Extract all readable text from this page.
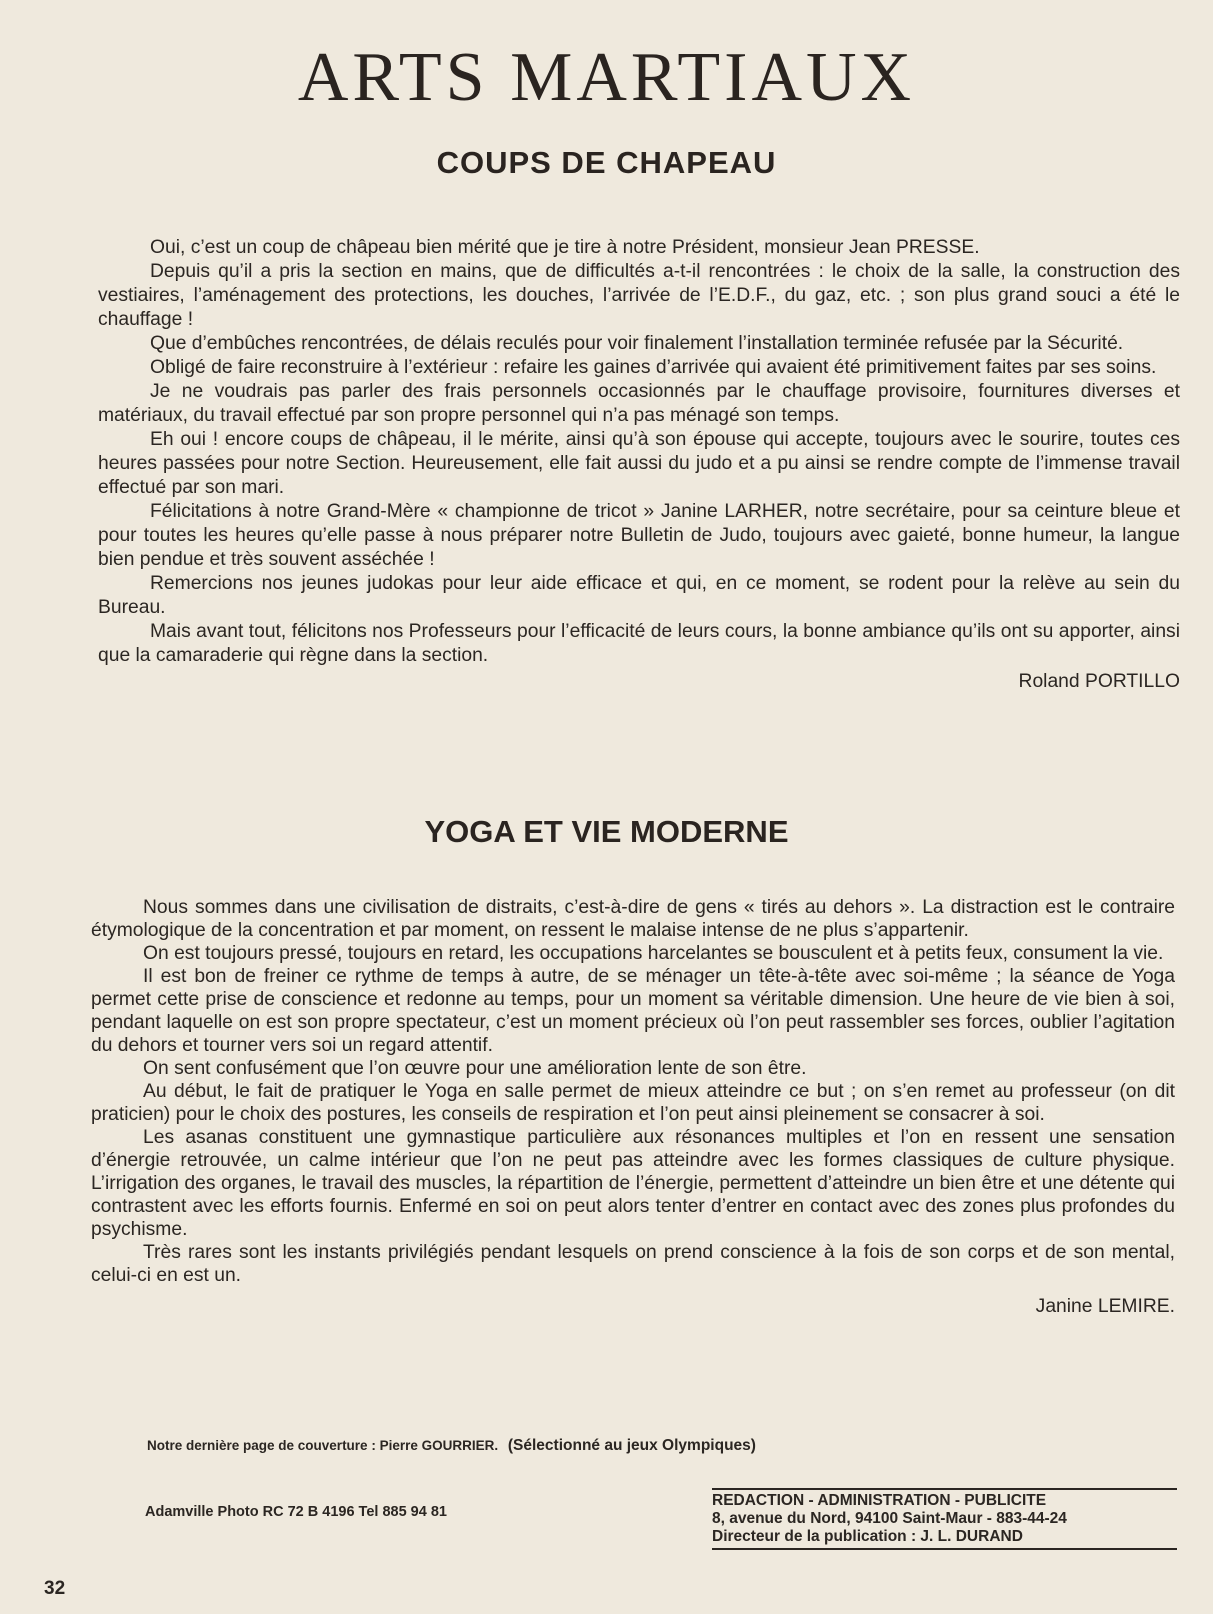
ARTS MARTIAUX
COUPS DE CHAPEAU

Oui, c’est un coup de châpeau bien mérité que je tire à notre Président, monsieur Jean PRESSE.

Depuis qu’il a pris la section en mains, que de difficultés a-t-il rencontrées : le choix de la salle, la construction des vestiaires, l’aménagement des protections, les douches, l’arrivée de l’E.D.F., du gaz, etc. ; son plus grand souci a été le chauffage !

Que d’embûches rencontrées, de délais reculés pour voir finalement l’installation terminée refusée par la Sécurité.

Obligé de faire reconstruire à l’extérieur : refaire les gaines d’arrivée qui avaient été primitivement faites par ses soins.

Je ne voudrais pas parler des frais personnels occasionnés par le chauffage provisoire, fournitures diverses et matériaux, du travail effectué par son propre personnel qui n’a pas ménagé son temps.

Eh oui ! encore coups de châpeau, il le mérite, ainsi qu’à son épouse qui accepte, toujours avec le sourire, toutes ces heures passées pour notre Section. Heureusement, elle fait aussi du judo et a pu ainsi se rendre compte de l’immense travail effectué par son mari.

Félicitations à notre Grand-Mère « championne de tricot » Janine LARHER, notre secrétaire, pour sa ceinture bleue et pour toutes les heures qu’elle passe à nous préparer notre Bulletin de Judo, toujours avec gaieté, bonne humeur, la langue bien pendue et très souvent asséchée !

Remercions nos jeunes judokas pour leur aide efficace et qui, en ce moment, se rodent pour la relève au sein du Bureau.

Mais avant tout, félicitons nos Professeurs pour l’efficacité de leurs cours, la bonne ambiance qu’ils ont su apporter, ainsi que la camaraderie qui règne dans la section.

Roland PORTILLO
YOGA ET VIE MODERNE

Nous sommes dans une civilisation de distraits, c’est-à-dire de gens « tirés au dehors ». La distraction est le contraire étymologique de la concentration et par moment, on ressent le malaise intense de ne plus s’appartenir.

On est toujours pressé, toujours en retard, les occupations harcelantes se bousculent et à petits feux, consument la vie.

Il est bon de freiner ce rythme de temps à autre, de se ménager un tête-à-tête avec soi-même ; la séance de Yoga permet cette prise de conscience et redonne au temps, pour un moment sa véritable dimension. Une heure de vie bien à soi, pendant laquelle on est son propre spectateur, c’est un moment précieux où l’on peut rassembler ses forces, oublier l’agitation du dehors et tourner vers soi un regard attentif.

On sent confusément que l’on œuvre pour une amélioration lente de son être.

Au début, le fait de pratiquer le Yoga en salle permet de mieux atteindre ce but ; on s’en remet au professeur (on dit praticien) pour le choix des postures, les conseils de respiration et l’on peut ainsi pleinement se consacrer à soi.

Les asanas constituent une gymnastique particulière aux résonances multiples et l’on en ressent une sensation d’énergie retrouvée, un calme intérieur que l’on ne peut pas atteindre avec les formes classiques de culture physique. L’irrigation des organes, le travail des muscles, la répartition de l’énergie, permettent d’atteindre un bien être et une détente qui contrastent avec les efforts fournis. Enfermé en soi on peut alors tenter d’entrer en contact avec des zones plus profondes du psychisme.

Très rares sont les instants privilégiés pendant lesquels on prend conscience à la fois de son corps et de son mental, celui-ci en est un.

Janine LEMIRE.
Notre dernière page de couverture : Pierre GOURRIER. (Sélectionné au jeux Olympiques)
Adamville Photo RC 72 B 4196 Tel 885 94 81
REDACTION - ADMINISTRATION - PUBLICITE
8, avenue du Nord, 94100 Saint-Maur - 883-44-24
Directeur de la publication : J. L. DURAND
32
